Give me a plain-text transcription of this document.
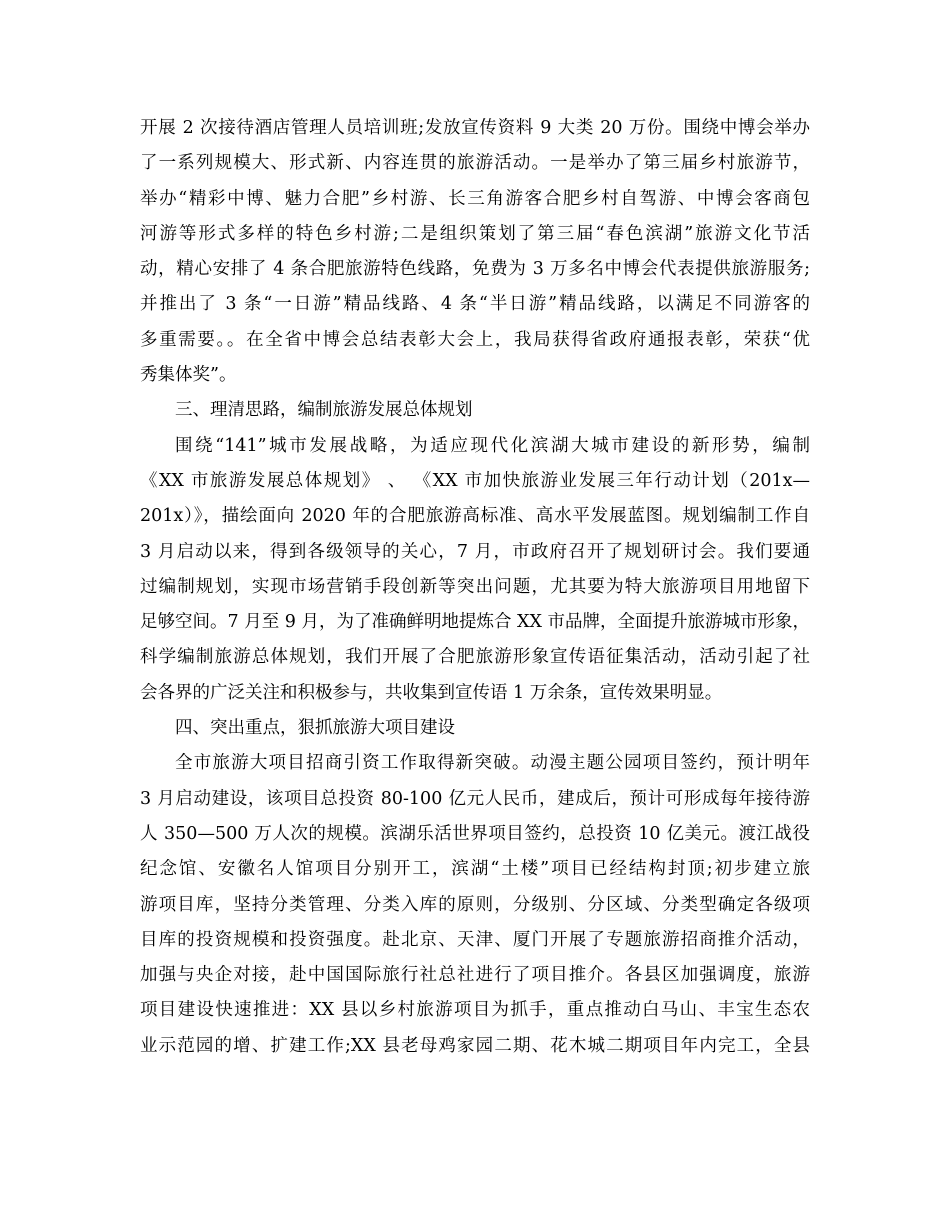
开展 2 次接待酒店管理人员培训班;发放宣传资料 9 大类 20 万份。围绕中博会举办
了一系列规模大、形式新、内容连贯的旅游活动。一是举办了第三届乡村旅游节，
举办“精彩中博、魅力合肥”乡村游、长三角游客合肥乡村自驾游、中博会客商包
河游等形式多样的特色乡村游;二是组织策划了第三届“春色滨湖”旅游文化节活
动，精心安排了 4 条合肥旅游特色线路，免费为 3 万多名中博会代表提供旅游服务;
并推出了 3 条“一日游”精品线路、4 条“半日游”精品线路，以满足不同游客的
多重需要。。在全省中博会总结表彰大会上，我局获得省政府通报表彰，荣获“优
秀集体奖”。
三、理清思路，编制旅游发展总体规划
围绕“141”城市发展战略，为适应现代化滨湖大城市建设的新形势，编制
《XX 市旅游发展总体规划》 、 《XX 市加快旅游业发展三年行动计划（201x—
201x）》，描绘面向 2020 年的合肥旅游高标准、高水平发展蓝图。规划编制工作自
3 月启动以来，得到各级领导的关心，7 月，市政府召开了规划研讨会。我们要通
过编制规划，实现市场营销手段创新等突出问题，尤其要为特大旅游项目用地留下
足够空间。7 月至 9 月，为了准确鲜明地提炼合 XX 市品牌，全面提升旅游城市形象，
科学编制旅游总体规划，我们开展了合肥旅游形象宣传语征集活动，活动引起了社
会各界的广泛关注和积极参与，共收集到宣传语 1 万余条，宣传效果明显。
四、突出重点，狠抓旅游大项目建设
全市旅游大项目招商引资工作取得新突破。动漫主题公园项目签约，预计明年
3 月启动建设，该项目总投资 80-100 亿元人民币，建成后，预计可形成每年接待游
人 350—500 万人次的规模。滨湖乐活世界项目签约，总投资 10 亿美元。渡江战役
纪念馆、安徽名人馆项目分别开工，滨湖“土楼”项目已经结构封顶;初步建立旅
游项目库，坚持分类管理、分类入库的原则，分级别、分区域、分类型确定各级项
目库的投资规模和投资强度。赴北京、天津、厦门开展了专题旅游招商推介活动，
加强与央企对接，赴中国国际旅行社总社进行了项目推介。各县区加强调度，旅游
项目建设快速推进：XX 县以乡村旅游项目为抓手，重点推动白马山、丰宝生态农
业示范园的增、扩建工作;XX 县老母鸡家园二期、花木城二期项目年内完工，全县
